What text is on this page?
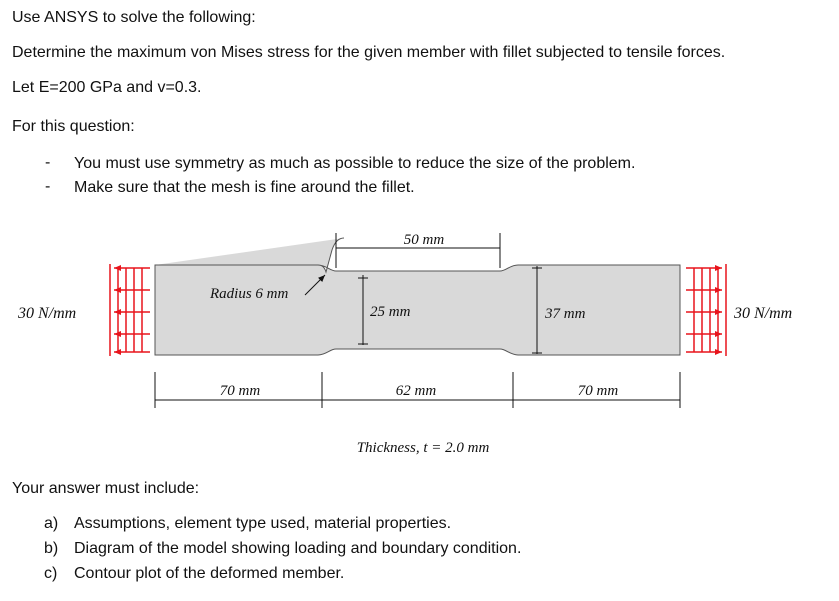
Use ANSYS to solve the following:
Determine the maximum von Mises stress for the given member with fillet subjected to tensile forces.
Let E=200 GPa and v=0.3.
For this question:
- You must use symmetry as much as possible to reduce the size of the problem.
- Make sure that the mesh is fine around the fillet.
50 mm
Radius 6 mm
25 mm	37 mm
30 N/mm	30 N/mm
70 mm	62 mm	70 mm
Thickness, t = 2.0 mm
Your answer must include:
a) Assumptions, element type used, material properties.
b) Diagram of the model showing loading and boundary condition.
c) Contour plot of the deformed member.
